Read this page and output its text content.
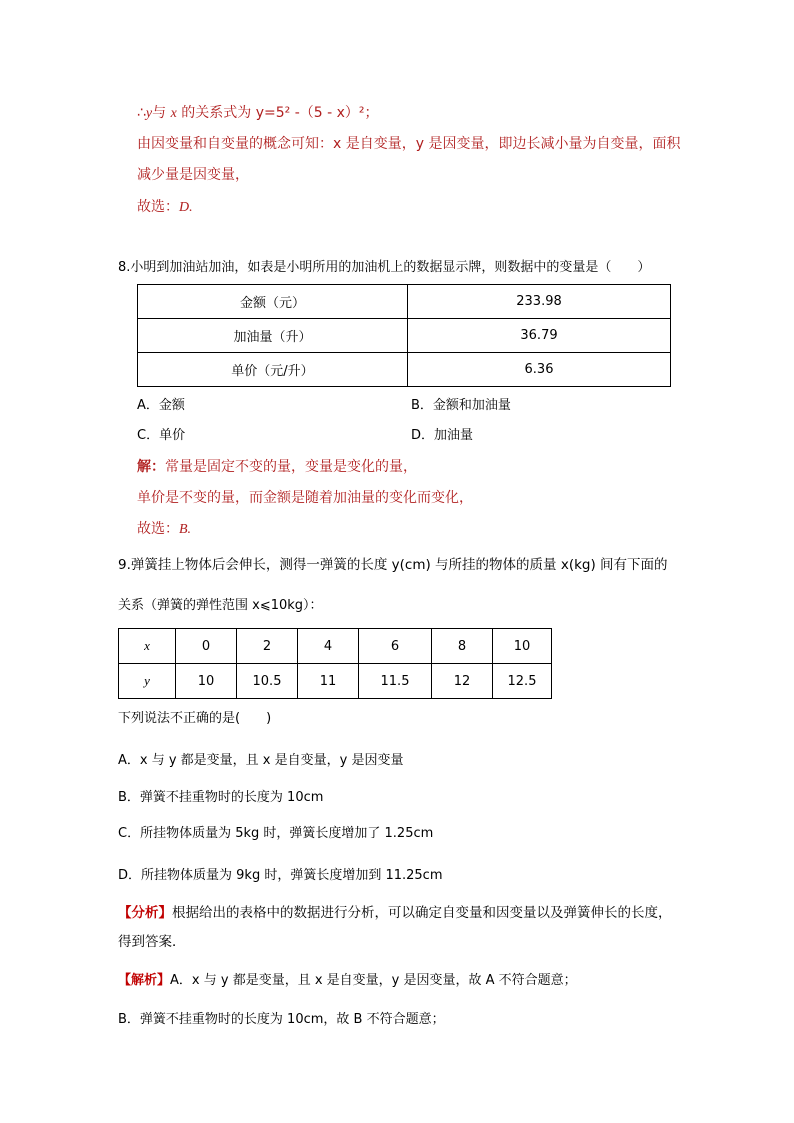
∴y与 x 的关系式为 y=5² -（5 - x）²；
由因变量和自变量的概念可知：x 是自变量，y 是因变量，即边长减小量为自变量，面积
减少量是因变量，
故选：D.
8.小明到加油站加油，如表是小明所用的加油机上的数据显示牌，则数据中的变量是（　　）
金额（元）	233.98
加油量（升）	36.79
单价（元/升）	6.36
A．金额	B．金额和加油量
C．单价	D．加油量
解：常量是固定不变的量，变量是变化的量，
单价是不变的量，而金额是随着加油量的变化而变化，
故选：B.
9.弹簧挂上物体后会伸长，测得一弹簧的长度 y(cm) 与所挂的物体的质量 x(kg) 间有下面的
关系（弹簧的弹性范围 x⩽10kg）：
x	0	2	4	6	8	10
y	10	10.5	11	11.5	12	12.5
下列说法不正确的是(　　)
A．x 与 y 都是变量，且 x 是自变量，y 是因变量
B．弹簧不挂重物时的长度为 10cm
C．所挂物体质量为 5kg 时，弹簧长度增加了 1.25cm
D．所挂物体质量为 9kg 时，弹簧长度增加到 11.25cm
【分析】根据给出的表格中的数据进行分析，可以确定自变量和因变量以及弹簧伸长的长度，
得到答案．
【解析】A．x 与 y 都是变量，且 x 是自变量，y 是因变量，故 A 不符合题意；
B．弹簧不挂重物时的长度为 10cm，故 B 不符合题意；
